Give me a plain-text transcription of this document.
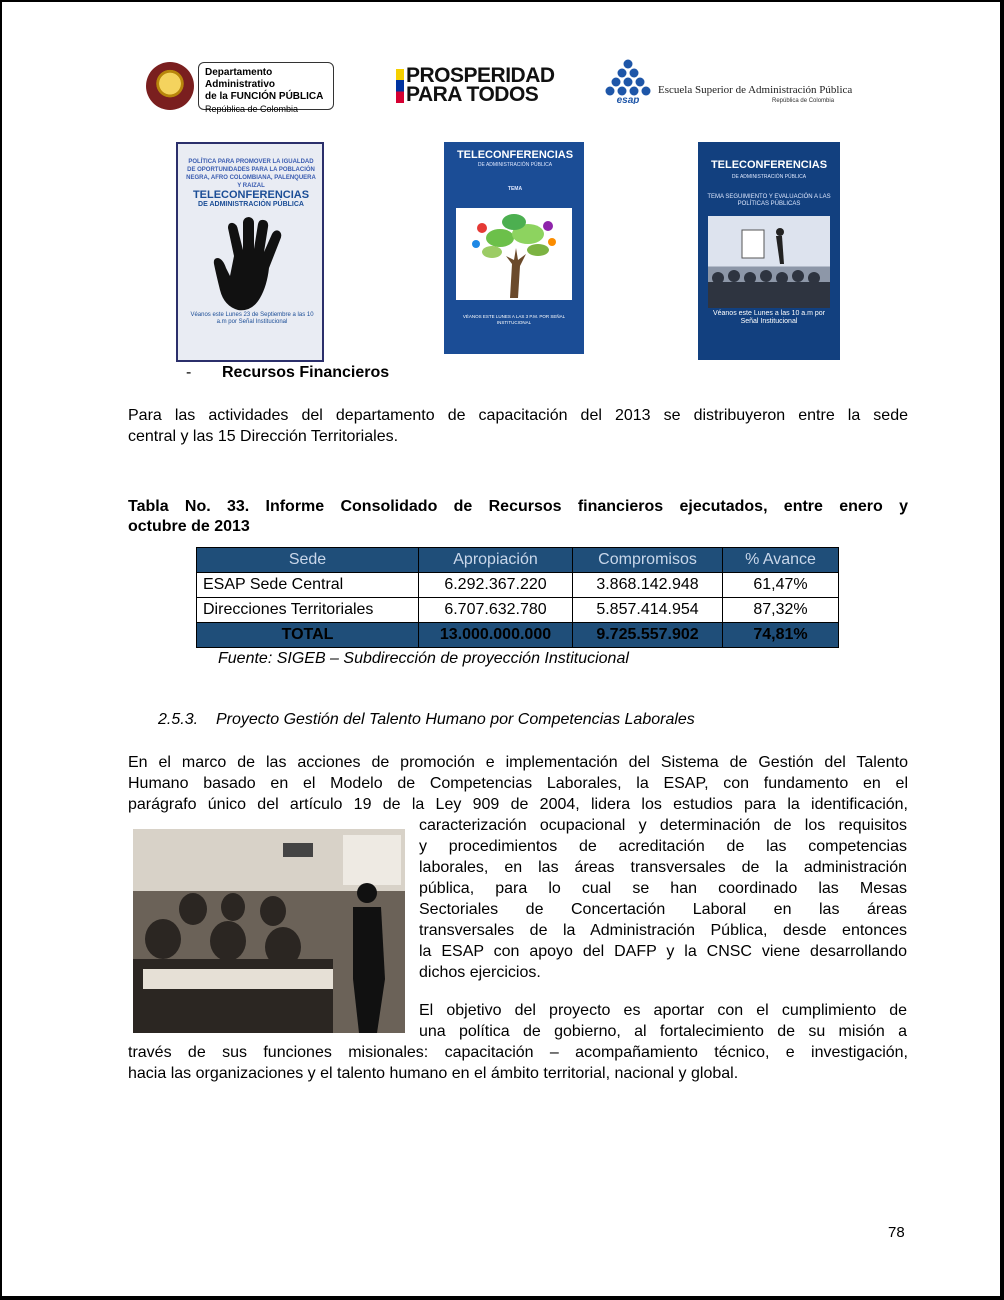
Departamento Administrativo
de la FUNCIÓN PÚBLICA
República de Colombia
PROSPERIDAD
PARA TODOS	esap
Escuela Superior de Administración Pública
República de Colombia
POLÍTICA PARA PROMOVER LA IGUALDAD DE OPORTUNIDADES PARA LA POBLACIÓN NEGRA, AFRO COLOMBIANA, PALENQUERA Y RAIZAL
TELECONFERENCIAS
DE ADMINISTRACIÓN PÚBLICA
Véanos este Lunes 23 de Septiembre a las 10 a.m por Señal Institucional
TELECONFERENCIAS
DE ADMINISTRACIÓN PÚBLICA
TEMA
VÉANOS ESTE LUNES A LAS 3 P.M. POR SEÑAL INSTITUCIONAL
TELECONFERENCIAS
DE ADMINISTRACIÓN PÚBLICA
TEMA SEGUIMIENTO Y EVALUACIÓN A LAS POLÍTICAS PÚBLICAS
Véanos este Lunes a las 10 a.m por Señal Institucional
- Recursos Financieros
Para las actividades del departamento de capacitación del 2013 se distribuyeron entre la sede
central y las 15 Dirección Territoriales.
Tabla No. 33. Informe Consolidado de Recursos financieros ejecutados, entre enero y
octubre de 2013
Sede	Apropiación	Compromisos	% Avance
ESAP Sede Central	6.292.367.220	3.868.142.948	61,47%
Direcciones Territoriales	6.707.632.780	5.857.414.954	87,32%
TOTAL	13.000.000.000	9.725.557.902	74,81%
Fuente: SIGEB – Subdirección de proyección Institucional
2.5.3. Proyecto Gestión del Talento Humano por Competencias Laborales
En el marco de las acciones de promoción e implementación del Sistema de Gestión del Talento
Humano basado en el Modelo de Competencias Laborales, la ESAP, con fundamento en el
parágrafo único del artículo 19 de la Ley 909 de 2004, lidera los estudios para la identificación,
caracterización ocupacional y determinación de los requisitos
y procedimientos de acreditación de las competencias
laborales, en las áreas transversales de la administración
pública, para lo cual se han coordinado las Mesas
Sectoriales de Concertación Laboral en las áreas
transversales de la Administración Pública, desde entonces
la ESAP con apoyo del DAFP y la CNSC viene desarrollando
dichos ejercicios.
El objetivo del proyecto es aportar con el cumplimiento de
una política de gobierno, al fortalecimiento de su misión a
través de sus funciones misionales: capacitación – acompañamiento técnico, e investigación,
hacia las organizaciones y el talento humano en el ámbito territorial, nacional y global.
78
